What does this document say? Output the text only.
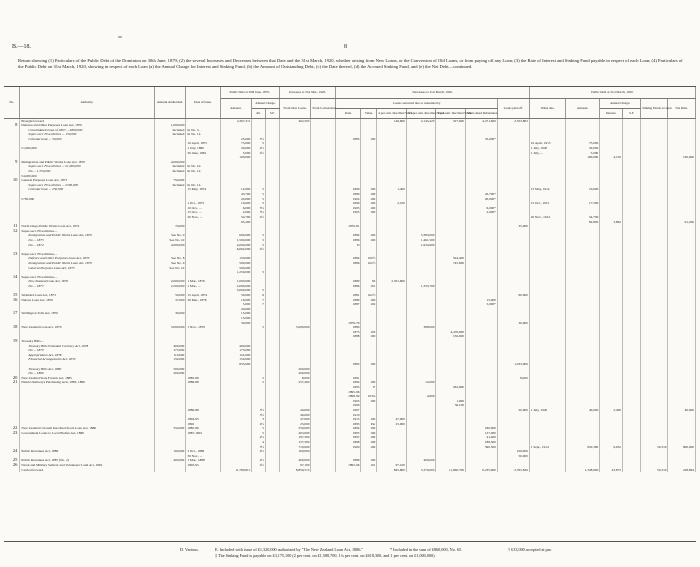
B.—18.	8
Return showing (1) Particulars of the Public Debt of the Dominion on 30th June, 1879; (2) the several Increases and Decreases between that Date and the 31st March, 1920, whether arising from New Loans, or the Conversion of Old Loans, or from paying off any Loan; (3) the Rate of Interest and Sinking Fund payable in respect of each Loan; (4) Particulars of the Public Debt on 31st March, 1920, showing in respect of each Loan (a) the Annual Charge for Interest and Sinking Fund, (b) the Amount of Outstanding Debt, (c) the Date thereof, (d) the Accrued Sinking Fund, and (e) the Net Debt—continued.
No.	Authority.	Amount Authorized.	Date of Issue.	Public Debt at 30th June, 1879.			Increases to 31st Mar., 1920.		Decreases to 31st March, 1920.							Public Debt at 31st March, 1920.					
				Amount.	Annual Charge.		From New Loans.	From Conversions.	Loans converted into or redeemed by						Loans paid off.	When due.	Amount.	Annual Charge.		Sinking Funds accrued.	Net Debt.
					Int.	S.F.			Date.	Value.	4 per cent. Inscribed Stock.	3½ per cent. Inscribed Stock.	3 per cent. Inscribed Stock.	Short-dated Debentures.				Interest.	S.F.		
	Brought forward			2,367,311			402,505				149,600	2,145,425	527,000	4,271,600	2,353,863						
8	Defence and Other Purposes Loan Act, 1870	1,000,000																			
	Consolidated Loan of 1867 ... £800,000	Included	In No. 5.																		
	Super-sect. Five-thirties ... 150,000	Included	In No. 12.																		
	Colonial issue ... 50,000			25,000	5½				1885	100				35,000*							
			10 April, 1875	75,000	5											10 April, 1915	75,000				
	£1,000,000		1 July, 1880	20,000	4½											1 July, 1920	20,000				
			30 June, 1881	5,000	4½											1 July, ...	5,000				
				100,000													100,000	4,150			100,000
9	Immigration and Public Works Loan Act, 1870	4,000,000																			
	Super-sect. Five-thirties ... £1,900,000	Included	In No. 10.																		
	Do ... 1,550,000	Included	In No. 12.																		
	£4,000,000																				
10	General Purposes Loan Act, 1873	750,000																			
	Super-sect. Five-thirties ... £500,000	Included	In No. 12.																		
	Colonial issue ... 250,000		15 May, 1874	12,000	5				1899	100	1,400					15 May, 1914	10,600				
				43,700	5				1899	100				43,700*							
	£750,000			20,000	5				1904	100				20,000*							
			1 Oct., 1875	19,600	5				1899	100	2,100					15 Oct., 1915	17,500				
			10 Oct., ...	6,000	5½				1905	100				6,000*							
			15 Oct., ...	2,000	5½				1905	100				2,000*							
			20 Nov., ...	54,700	4½											20 Nov., 1914	54,700				
				63,200													82,800	3,862			91,200
11	North Otago Public Works Loan Act, 1872	70,000							1876-81						35,000						
12	Super-sect. Five-thirties—																				
	Immigration and Public Works Loan Act, 1870	See No. 9		600,000	5				1884	100		3,383,000									
	Do ... 1873	See No. 10		1,500,000	5				1886	100		1,461,500									
	Do ... 1874	4,000,000		4,000,000	5				D			1,934,000									
				6,062,000	4½																
13	Super-sect. Five-thirties—																				
	Defence and Other Purposes Loan Act, 1870	See No. 8		150,000					1884	100½			504,400								
	Immigration and Public Works Loan Act, 1870	See No. 9		500,000					1886	102½			745,600								
	General Purposes Loan Act, 1873	See No. 10		500,000																	
				1,250,000	5																
14	Super-sect. Five-thirties—																				
	New Zealand Loan Act, 1870	2,000,000	1 Mar., 1876	1,000,000					1880	93	2,301,600										
	Do ... 1877	2,500,000	1 Mar., ...	2,000,000					1886	101		1,333,700									
				3,000,000	5																
15	Westland Loan Act, 1873	50,000	15 April, 1874	50,000	6				1881	102½					60,000						
16	Nelson Loan Act, 1876	37,000	30 Mar., 1878	16,000	7				1889	100				15,000							
				5,000	7				1887	102				5,000*							
				20,000																	
17	Wellington Tolls Act, 1870	30,000		15,000																	
				15,000																	
				30,000					1879-79						30,000						
18	New Zealand Loan Act, 1879	5,000,000	1 Nov., 1879		5		5,000,000		1880			388,000									
									1873	103			4,476,000								
									1888	100			136,000								
19	Treasury Bills—																				
	Treasury Bills Extended Currency Act, 1878	400,000		400,000																	
	Do ... 1879	173,000		173,000																	
	Appropriation Act, 1878	110,000		110,000																	
	Financial Arrangements Act, 1879	150,000		150,000																	
				833,000					1883	100					1,033,000						
	Treasury Bills Act, 1880	500,000					200,000														
	Do ... 1880	200,000					200,000														
20	New Zealand State Forests Act, 1885		1885-86		5		8,000		1891						8,000						
21	District Railways Purchasing Acts, 1885, 1886		1886-88		5		257,400		1894	100		12,000									
									1895	E			262,900								
									1895-96												
									1898-99	103¼		4,600									
									1905	100			1,000								
									1906				36,100								
			1886-88		3½		20,000		1907						20,000	1 July, 1920	40,000	2,400			40,000
					3½		40,000		1910												
			1894-95		3		47,000		1913	100	47,000										
			1892		4½		25,000		1895	Par	25,000										
22	New Zealand Colonial Inscribed Stock Loan Act, 1886	550,000	1885-86		5		550,000		1894	100				180,000							
23	Government Loans to Local Bodies Act, 1886		1887-1891		5		403,000		1895	100				137,000							
					4½		197,300		1897	100				41,400							
					4		157,300		1898	100				188,300							
					3½		710,000		1900	100				390,500		1 Sept., 1914	950,300	9,932		50,319	900,000
24	Public Revenues Act, 1886	100,000	3 Oct., 1886		4½		100,000								100,000						
			30 Nov., ...												50,000						
25	Public Revenues Act, 1887 (No. 2)	400,000	1 Mar., 1888		4½		400,000		1889	100		400,000									
26	Naval and Military Settlers' and Volunteers' Land Act, 1892		1893-95		4½		97,100		1895-96	101	97,100										
	Carried forward			11,789,811			8,859,515				845,800	5,370,065	11,660,700	6,235,900	2,765,826		1,328,600	43,872		50,319	228,894
D. Various.	E. Included with issue of £1,320,000 authorized by "The New Zealand Loan Act, 1886."	* Included in the sum of £860,000, No. 65.	† £33,000 accepted at par.
‡ The Sinking Fund is payable on £3,175,100 (2 per cent. on £1,588,700, 1¼ per cent. on £618,300, and 1 per cent. on £1,000,000).
